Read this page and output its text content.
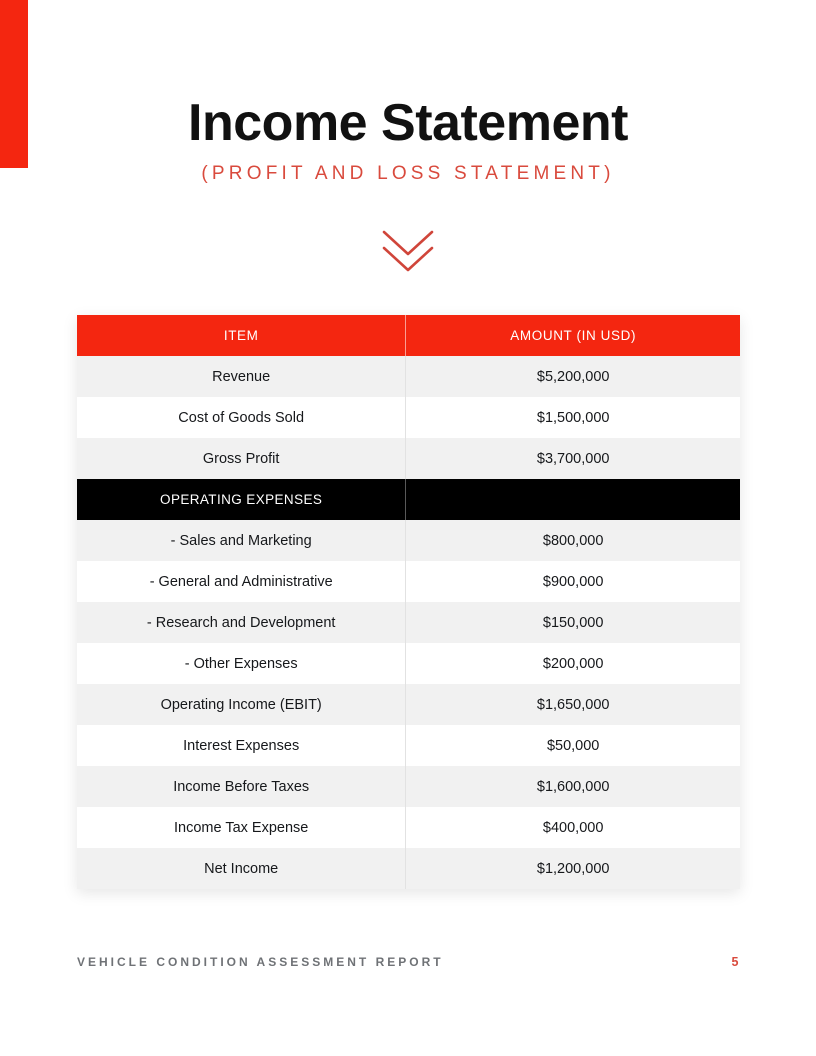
Income Statement
(PROFIT AND LOSS STATEMENT)
ITEM	AMOUNT (IN USD)
Revenue	$5,200,000
Cost of Goods Sold	$1,500,000
Gross Profit	$3,700,000
OPERATING EXPENSES	
- Sales and Marketing	$800,000
- General and Administrative	$900,000
- Research and Development	$150,000
- Other Expenses	$200,000
Operating Income (EBIT)	$1,650,000
Interest Expenses	$50,000
Income Before Taxes	$1,600,000
Income Tax Expense	$400,000
Net Income	$1,200,000
VEHICLE CONDITION ASSESSMENT REPORT	5
